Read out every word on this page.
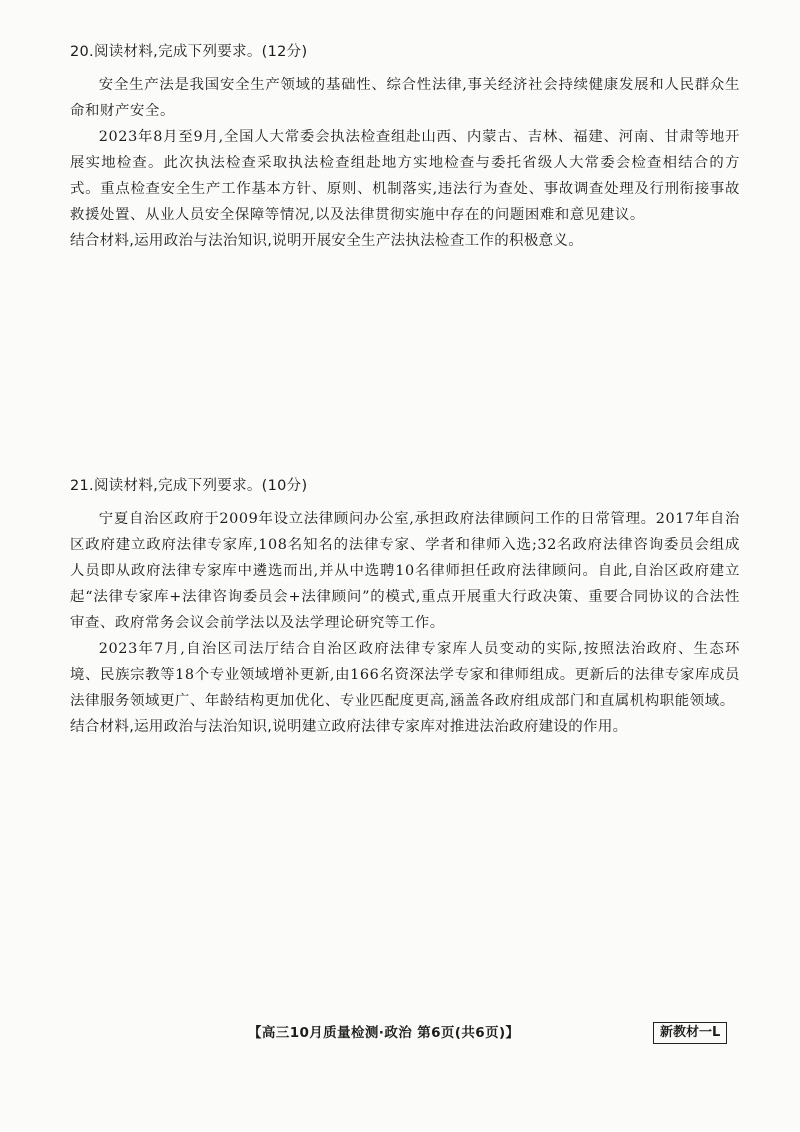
20.阅读材料,完成下列要求。(12分)

安全生产法是我国安全生产领域的基础性、综合性法律,事关经济社会持续健康发展和人民群众生命和财产安全。

2023年8月至9月,全国人大常委会执法检查组赴山西、内蒙古、吉林、福建、河南、甘肃等地开展实地检查。此次执法检查采取执法检查组赴地方实地检查与委托省级人大常委会检查相结合的方式。重点检查安全生产工作基本方针、原则、机制落实,违法行为查处、事故调查处理及行刑衔接事故救援处置、从业人员安全保障等情况,以及法律贯彻实施中存在的问题困难和意见建议。

结合材料,运用政治与法治知识,说明开展安全生产法执法检查工作的积极意义。

21.阅读材料,完成下列要求。(10分)

宁夏自治区政府于2009年设立法律顾问办公室,承担政府法律顾问工作的日常管理。2017年自治区政府建立政府法律专家库,108名知名的法律专家、学者和律师入选;32名政府法律咨询委员会组成人员即从政府法律专家库中遴选而出,并从中选聘10名律师担任政府法律顾问。自此,自治区政府建立起“法律专家库+法律咨询委员会+法律顾问”的模式,重点开展重大行政决策、重要合同协议的合法性审查、政府常务会议会前学法以及法学理论研究等工作。

2023年7月,自治区司法厅结合自治区政府法律专家库人员变动的实际,按照法治政府、生态环境、民族宗教等18个专业领域增补更新,由166名资深法学专家和律师组成。更新后的法律专家库成员法律服务领域更广、年龄结构更加优化、专业匹配度更高,涵盖各政府组成部门和直属机构职能领域。

结合材料,运用政治与法治知识,说明建立政府法律专家库对推进法治政府建设的作用。

【高三10月质量检测·政治 第6页(共6页)】	新教材一L
